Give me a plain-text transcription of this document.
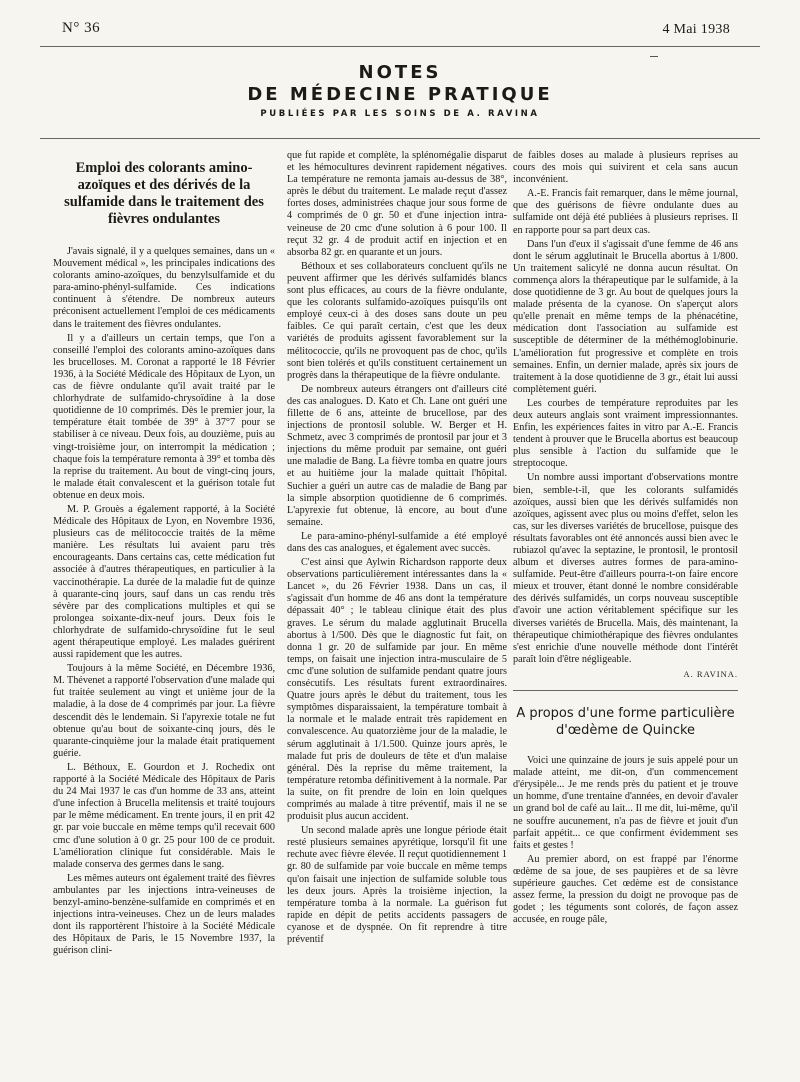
N° 36	4 Mai 1938
NOTES
DE MÉDECINE PRATIQUE
PUBLIÉES PAR LES SOINS DE A. RAVINA
Emploi des colorants amino-azoïques et des dérivés de la sulfamide dans le traitement des fièvres ondulantes

J'avais signalé, il y a quelques semaines, dans un « Mouvement médical », les principales indications des colorants amino-azoïques, du benzylsulfamide et du para-amino-phényl-sulfamide. Ces indications continuent à s'étendre. De nombreux auteurs préconisent actuellement l'emploi de ces médicaments dans le traitement des fièvres ondulantes.

Il y a d'ailleurs un certain temps, que l'on a conseillé l'emploi des colorants amino-azoïques dans les brucelloses. M. Coronat a rapporté le 18 Février 1936, à la Société Médicale des Hôpitaux de Lyon, un cas de fièvre ondulante qu'il avait traité par le chlorhydrate de sulfamido-chrysoïdine à la dose quotidienne de 10 comprimés. Dès le premier jour, la température était tombée de 39° à 37°7 pour se stabiliser à ce niveau. Deux fois, au douzième, puis au vingt-troisième jour, on interrompit la médication ; chaque fois la température remonta à 39° et tomba dès la reprise du traitement. Au bout de vingt-cinq jours, le malade était convalescent et la guérison totale fut obtenue en deux mois.

M. P. Grouès a également rapporté, à la Société Médicale des Hôpitaux de Lyon, en Novembre 1936, plusieurs cas de mélitococcie traités de la même manière. Les résultats lui avaient paru très encourageants. Dans certains cas, cette médication fut associée à d'autres thérapeutiques, en particulier à la vaccinothérapie. La durée de la maladie fut de quinze à quarante-cinq jours, sauf dans un cas rendu très sévère par des complications multiples et qui se prolongea soixante-dix-neuf jours. Deux fois le chlorhydrate de sulfamido-chrysoïdine fut le seul agent thérapeutique employé. Les malades guérirent aussi rapidement que les autres.

Toujours à la même Société, en Décembre 1936, M. Thévenet a rapporté l'observation d'une malade qui fut traitée seulement au vingt et unième jour de la maladie, à la dose de 4 comprimés par jour. La fièvre descendit dès le lendemain. Si l'apyrexie totale ne fut obtenue qu'au bout de soixante-cinq jours, dès le quarante-cinquième jour la malade était pratiquement guérie.

L. Béthoux, E. Gourdon et J. Rochedix ont rapporté à la Société Médicale des Hôpitaux de Paris du 24 Mai 1937 le cas d'un homme de 33 ans, atteint d'une infection à Brucella melitensis et traité toujours par le même médicament. En trente jours, il en prit 42 gr. par voie buccale en même temps qu'il recevait 600 cmc d'une solution à 0 gr. 25 pour 100 de ce produit. L'amélioration clinique fut considérable. Mais le malade conserva des germes dans le sang.

Les mêmes auteurs ont également traité des fièvres ambulantes par les injections intra-veineuses de benzyl-amino-benzène-sulfamide en comprimés et en injections intra-veineuses. Chez un de leurs malades dont ils rapportèrent l'histoire à la Société Médicale des Hôpitaux de Paris, le 15 Novembre 1937, la guérison clini-

que fut rapide et complète, la splénomégalie disparut et les hémocultures devinrent rapidement négatives. La température ne remonta jamais au-dessus de 38°, après le début du traitement. Le malade reçut d'assez fortes doses, administrées chaque jour sous forme de 4 comprimés de 0 gr. 50 et d'une injection intra-veineuse de 20 cmc d'une solution à 6 pour 100. Il reçut 32 gr. 4 de produit actif en injection et en absorba 82 gr. en quarante et un jours.

Béthoux et ses collaborateurs concluent qu'ils ne peuvent affirmer que les dérivés sulfamidés blancs sont plus efficaces, au cours de la fièvre ondulante, que les colorants sulfamido-azoïques puisqu'ils ont employé ceux-ci à des doses sans doute un peu faibles. Ce qui paraît certain, c'est que les deux variétés de produits agissent favorablement sur la mélitococcie, qu'ils ne provoquent pas de choc, qu'ils sont bien tolérés et qu'ils constituent certainement un progrès dans la thérapeutique de la fièvre ondulante.

De nombreux auteurs étrangers ont d'ailleurs cité des cas analogues. D. Kato et Ch. Lane ont guéri une fillette de 6 ans, atteinte de brucellose, par des injections de prontosil soluble. W. Berger et H. Schmetz, avec 3 comprimés de prontosil par jour et 3 injections du même produit par semaine, ont guéri une maladie de Bang. La fièvre tomba en quatre jours et au huitième jour la malade quittait l'hôpital. Suchier a guéri un autre cas de maladie de Bang par la simple absorption quotidienne de 6 comprimés. L'apyrexie fut obtenue, là encore, au bout d'une semaine.

Le para-amino-phényl-sulfamide a été employé dans des cas analogues, et également avec succès.

C'est ainsi que Aylwin Richardson rapporte deux observations particulièrement intéressantes dans la « Lancet », du 26 Février 1938. Dans un cas, il s'agissait d'un homme de 46 ans dont la température dépassait 40° ; le tableau clinique était des plus graves. Le sérum du malade agglutinait Brucella abortus à 1/500. Dès que le diagnostic fut fait, on donna 1 gr. 20 de sulfamide par jour. En même temps, on faisait une injection intra-musculaire de 5 cmc d'une solution de sulfamide pendant quatre jours consécutifs. Les résultats furent extraordinaires. Quatre jours après le début du traitement, tous les symptômes disparaissaient, la température tombait à la normale et le malade entrait très rapidement en convalescence. Au quatorzième jour de la maladie, le sérum agglutinait à 1/1.500. Quinze jours après, le malade fut pris de douleurs de tête et d'un malaise général. Dès la reprise du même traitement, la température retomba définitivement à la normale. Par la suite, on fit prendre de loin en loin quelques comprimés au malade à titre préventif, mais il ne se produisit plus aucun accident.

Un second malade après une longue période était resté plusieurs semaines apyrétique, lorsqu'il fit une rechute avec fièvre élevée. Il reçut quotidiennement 1 gr. 80 de sulfamide par voie buccale en même temps qu'on faisait une injection de sulfamide soluble tous les deux jours. Après la troisième injection, la température tomba à la normale. La guérison fut rapide en dépit de petits accidents passagers de cyanose et de dyspnée. On fit reprendre à titre préventif

de faibles doses au malade à plusieurs reprises au cours des mois qui suivirent et cela sans aucun inconvénient.

A.-E. Francis fait remarquer, dans le même journal, que des guérisons de fièvre ondulante dues au sulfamide ont déjà été publiées à plusieurs reprises. Il en rapporte pour sa part deux cas.

Dans l'un d'eux il s'agissait d'une femme de 46 ans dont le sérum agglutinait le Brucella abortus à 1/800. Un traitement salicylé ne donna aucun résultat. On commença alors la thérapeutique par le sulfamide, à la dose quotidienne de 3 gr. Au bout de quelques jours la malade présenta de la cyanose. On s'aperçut alors qu'elle prenait en même temps de la phénacétine, médication dont l'association au sulfamide est susceptible de déterminer de la méthémoglobinurie. L'amélioration fut progressive et complète en trois semaines. Enfin, un dernier malade, après six jours de traitement à la dose quotidienne de 3 gr., était lui aussi complètement guéri.

Les courbes de température reproduites par les deux auteurs anglais sont vraiment impressionnantes. Enfin, les expériences faites in vitro par A.-E. Francis tendent à prouver que le Brucella abortus est beaucoup plus sensible à l'action du sulfamide que le streptocoque.

Un nombre aussi important d'observations montre bien, semble-t-il, que les colorants sulfamidés azoïques, aussi bien que les dérivés sulfamidés non azoïques, agissent avec plus ou moins d'effet, selon les cas, sur les diverses variétés de brucellose, puisque des résultats favorables ont été annoncés aussi bien avec le rubiazol qu'avec la septazine, le prontosil, le prontosil album et diverses autres formes de para-amino-sulfamide. Peut-être d'ailleurs pourra-t-on faire encore mieux et trouver, étant donné le nombre considérable des dérivés sulfamidés, un corps nouveau susceptible d'avoir une action véritablement spécifique sur les diverses variétés de Brucella. Mais, dès maintenant, la thérapeutique chimiothérapique des fièvres ondulantes s'est enrichie d'une nouvelle méthode dont l'intérêt paraît loin d'être négligeable.

A. RAVINA.

A propos d'une forme particulière d'œdème de Quincke

Voici une quinzaine de jours je suis appelé pour un malade atteint, me dit-on, d'un commencement d'érysipèle... Je me rends près du patient et je trouve un homme, d'une trentaine d'années, en devoir d'avaler un grand bol de café au lait... Il me dit, lui-même, qu'il ne souffre aucunement, n'a pas de fièvre et jouit d'un parfait appétit... ce que confirment évidemment ses faits et gestes !

Au premier abord, on est frappé par l'énorme œdème de sa joue, de ses paupières et de sa lèvre supérieure gauches. Cet œdème est de consistance assez ferme, la pression du doigt ne provoque pas de godet ; les téguments sont colorés, de façon assez accusée, en rouge pâle,
